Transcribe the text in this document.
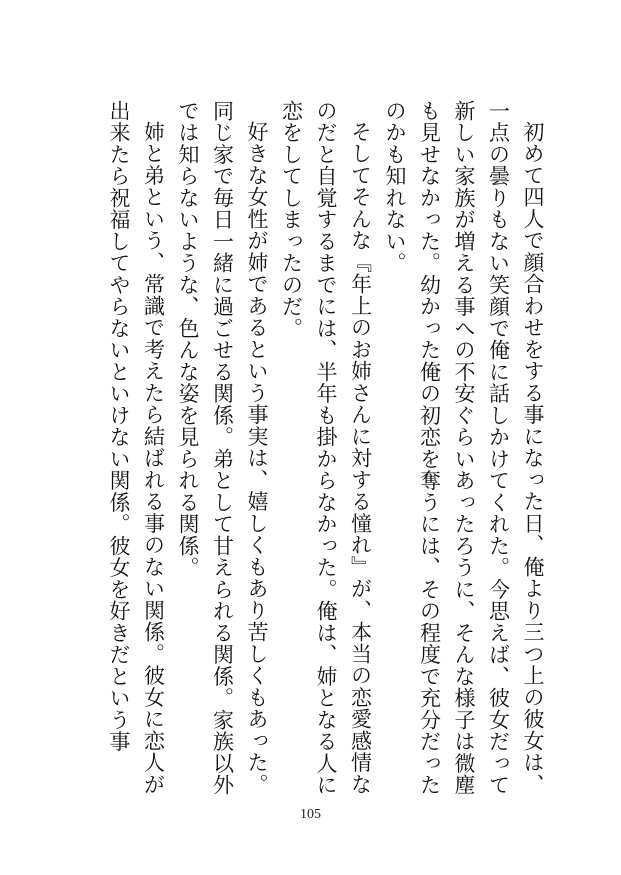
初めて四人で顔合わせをする事になった日、俺より三つ上の彼女は、一点の曇りもない笑顔で俺に話しかけてくれた。今思えば、彼女だって新しい家族が増える事への不安ぐらいあったろうに、そんな様子は微塵も見せなかった。幼かった俺の初恋を奪うには、その程度で充分だったのかも知れない。

そしてそんな『年上のお姉さんに対する憧れ』が、本当の恋愛感情なのだと自覚するまでには、半年も掛からなかった。俺は、姉となる人に恋をしてしまったのだ。

好きな女性が姉であるという事実は、嬉しくもあり苦しくもあった。同じ家で毎日一緒に過ごせる関係。弟として甘えられる関係。家族以外では知らないような、色んな姿を見られる関係。

姉と弟という、常識で考えたら結ばれる事のない関係。彼女に恋人が出来たら祝福してやらないといけない関係。彼女を好きだという事

105
